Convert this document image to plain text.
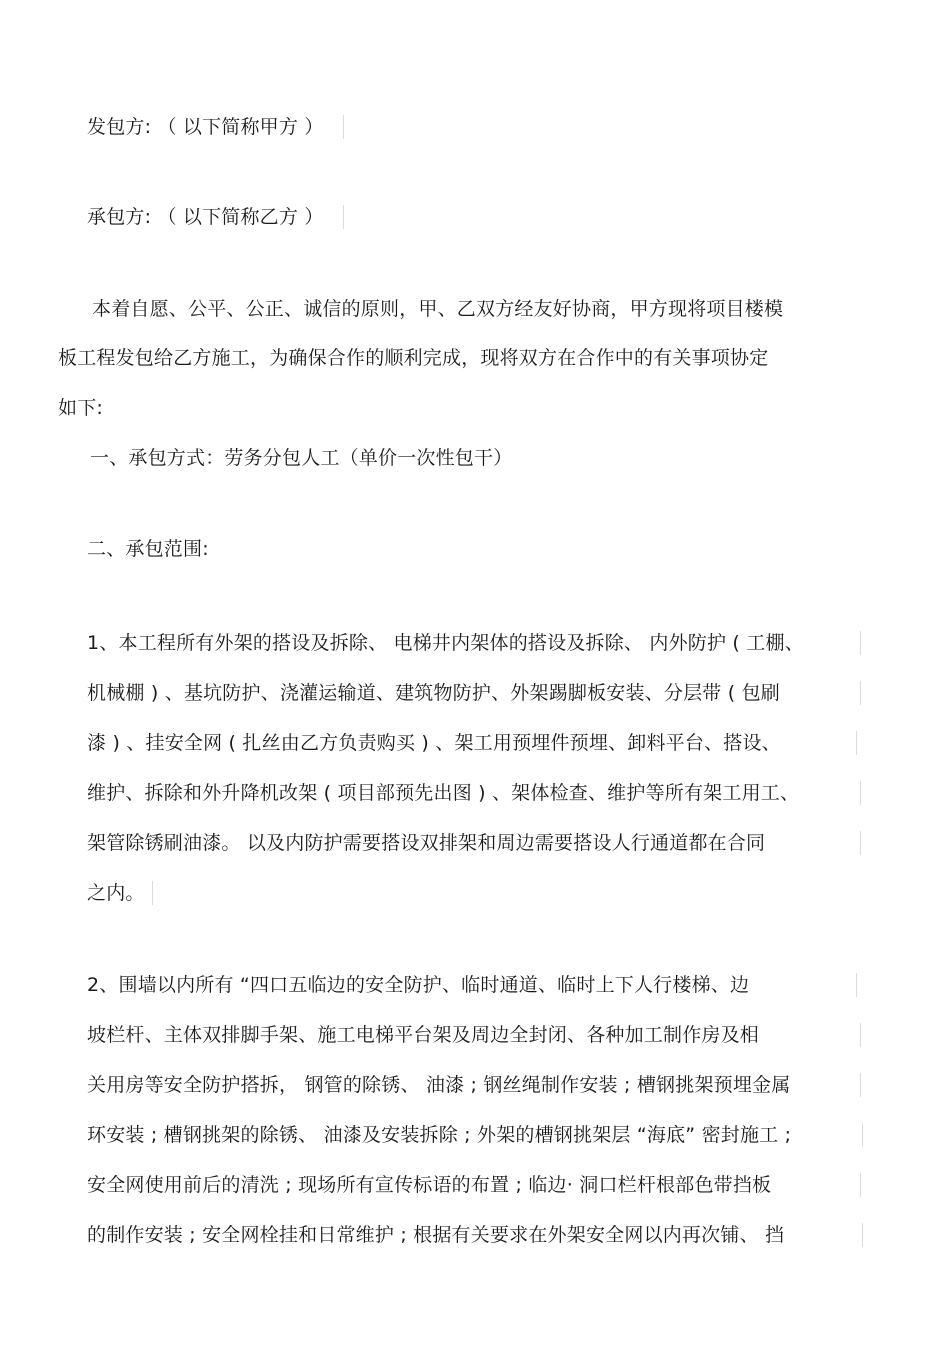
发包方: （ 以下简称甲方 ）
承包方: （ 以下简称乙方 ）
本着自愿、公平、公正、诚信的原则，甲、乙双方经友好协商，甲方现将项目楼模
板工程发包给乙方施工，为确保合作的顺利完成，现将双方在合作中的有关事项协定
如下:
一、承包方式：劳务分包人工（单价一次性包干）
二、承包范围:
1、本工程所有外架的搭设及拆除、 电梯井内架体的搭设及拆除、 内外防护 ( 工棚、
机械棚 ) 、基坑防护、浇灌运输道、建筑物防护、外架踢脚板安装、分层带 ( 包刷
漆 ) 、挂安全网 ( 扎丝由乙方负责购买 ) 、架工用预埋件预埋、卸料平台、搭设、
维护、拆除和外升降机改架 ( 项目部预先出图 ) 、架体检查、维护等所有架工用工、
架管除锈刷油漆。 以及内防护需要搭设双排架和周边需要搭设人行通道都在合同
之内。
2、围墙以内所有 “四口五临边的安全防护、临时通道、临时上下人行楼梯、边
坡栏杆、主体双排脚手架、施工电梯平台架及周边全封闭、各种加工制作房及相
关用房等安全防护搭拆， 钢管的除锈、 油漆 ; 钢丝绳制作安装 ; 槽钢挑架预埋金属
环安装 ; 槽钢挑架的除锈、 油漆及安装拆除 ; 外架的槽钢挑架层 “海底” 密封施工 ;
安全网使用前后的清洗 ; 现场所有宣传标语的布置 ; 临边· 洞口栏杆根部色带挡板
的制作安装 ; 安全网栓挂和日常维护 ; 根据有关要求在外架安全网以内再次铺、 挡
